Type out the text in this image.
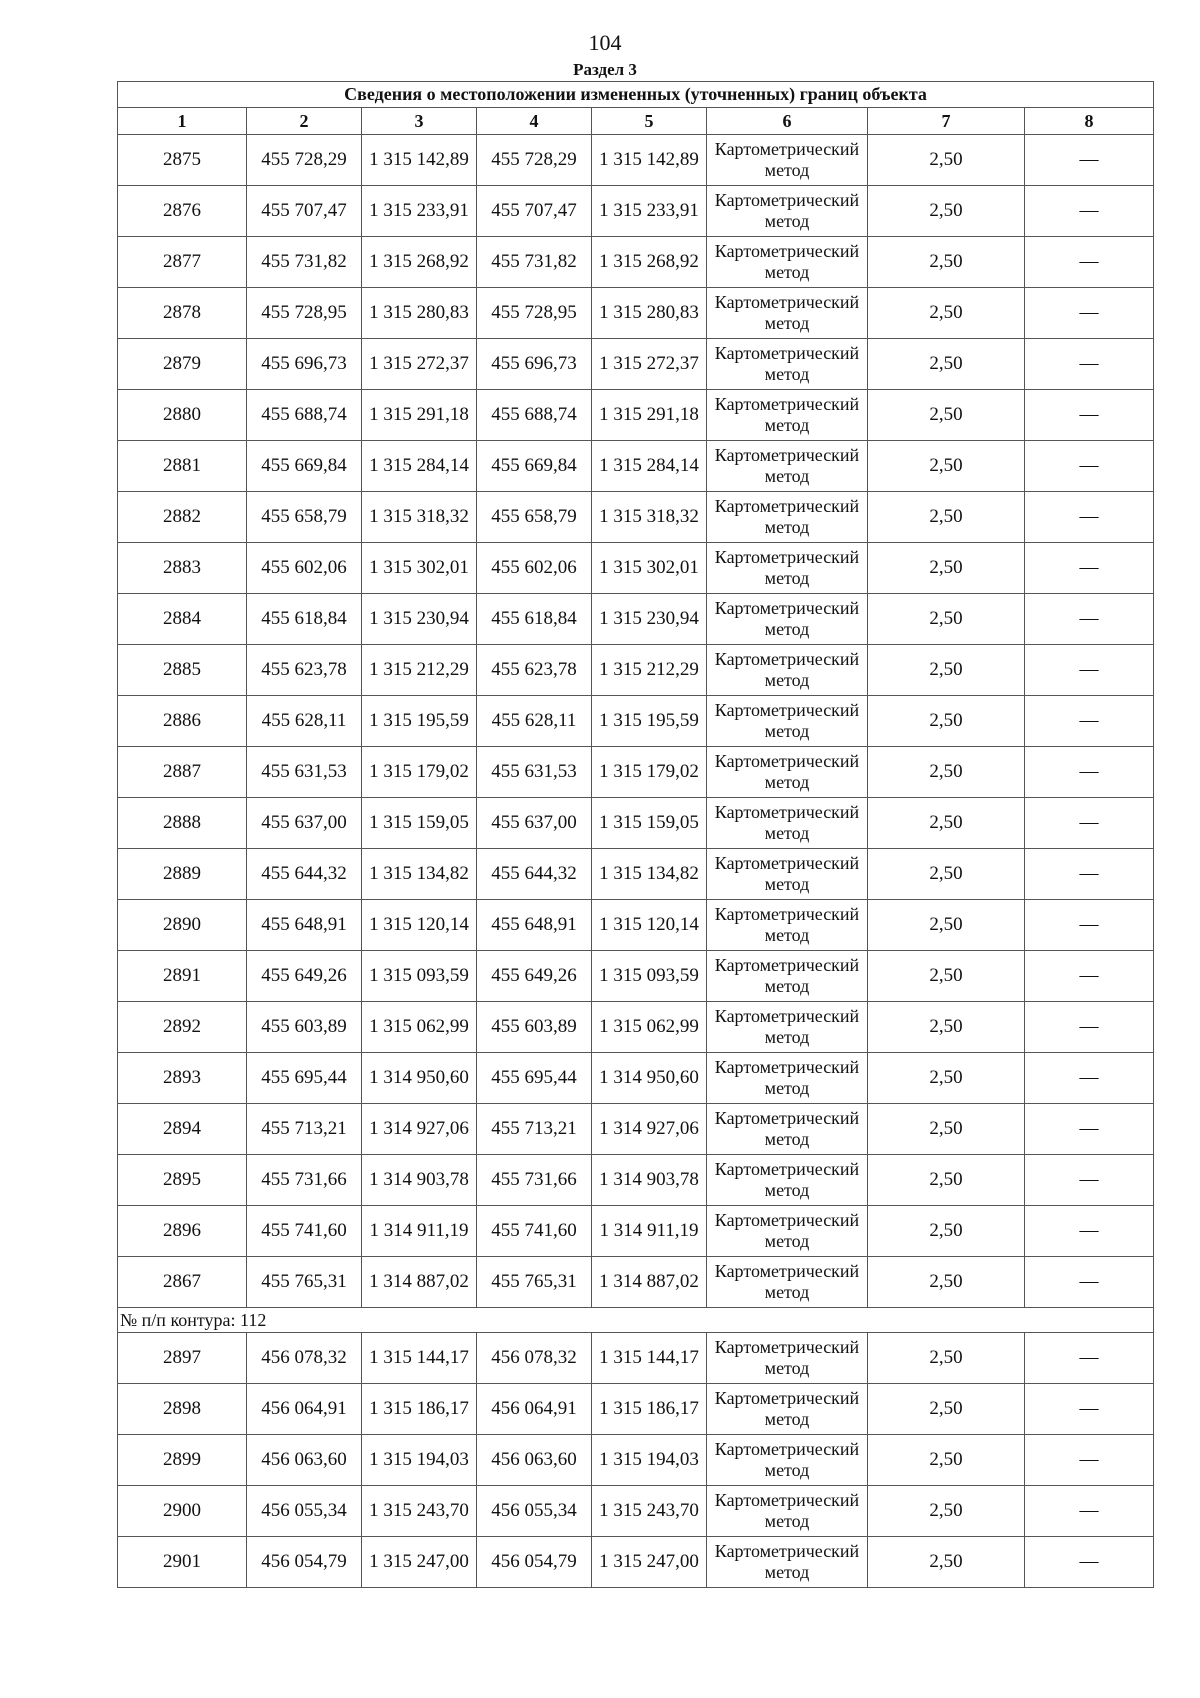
104
Раздел 3
Сведения о местоположении измененных (уточненных) границ объекта							
1	2	3	4	5	6	7	8
2875	455 728,29	1 315 142,89	455 728,29	1 315 142,89	Картометрический метод	2,50	—
2876	455 707,47	1 315 233,91	455 707,47	1 315 233,91	Картометрический метод	2,50	—
2877	455 731,82	1 315 268,92	455 731,82	1 315 268,92	Картометрический метод	2,50	—
2878	455 728,95	1 315 280,83	455 728,95	1 315 280,83	Картометрический метод	2,50	—
2879	455 696,73	1 315 272,37	455 696,73	1 315 272,37	Картометрический метод	2,50	—
2880	455 688,74	1 315 291,18	455 688,74	1 315 291,18	Картометрический метод	2,50	—
2881	455 669,84	1 315 284,14	455 669,84	1 315 284,14	Картометрический метод	2,50	—
2882	455 658,79	1 315 318,32	455 658,79	1 315 318,32	Картометрический метод	2,50	—
2883	455 602,06	1 315 302,01	455 602,06	1 315 302,01	Картометрический метод	2,50	—
2884	455 618,84	1 315 230,94	455 618,84	1 315 230,94	Картометрический метод	2,50	—
2885	455 623,78	1 315 212,29	455 623,78	1 315 212,29	Картометрический метод	2,50	—
2886	455 628,11	1 315 195,59	455 628,11	1 315 195,59	Картометрический метод	2,50	—
2887	455 631,53	1 315 179,02	455 631,53	1 315 179,02	Картометрический метод	2,50	—
2888	455 637,00	1 315 159,05	455 637,00	1 315 159,05	Картометрический метод	2,50	—
2889	455 644,32	1 315 134,82	455 644,32	1 315 134,82	Картометрический метод	2,50	—
2890	455 648,91	1 315 120,14	455 648,91	1 315 120,14	Картометрический метод	2,50	—
2891	455 649,26	1 315 093,59	455 649,26	1 315 093,59	Картометрический метод	2,50	—
2892	455 603,89	1 315 062,99	455 603,89	1 315 062,99	Картометрический метод	2,50	—
2893	455 695,44	1 314 950,60	455 695,44	1 314 950,60	Картометрический метод	2,50	—
2894	455 713,21	1 314 927,06	455 713,21	1 314 927,06	Картометрический метод	2,50	—
2895	455 731,66	1 314 903,78	455 731,66	1 314 903,78	Картометрический метод	2,50	—
2896	455 741,60	1 314 911,19	455 741,60	1 314 911,19	Картометрический метод	2,50	—
2867	455 765,31	1 314 887,02	455 765,31	1 314 887,02	Картометрический метод	2,50	—
№ п/п контура: 112							
2897	456 078,32	1 315 144,17	456 078,32	1 315 144,17	Картометрический метод	2,50	—
2898	456 064,91	1 315 186,17	456 064,91	1 315 186,17	Картометрический метод	2,50	—
2899	456 063,60	1 315 194,03	456 063,60	1 315 194,03	Картометрический метод	2,50	—
2900	456 055,34	1 315 243,70	456 055,34	1 315 243,70	Картометрический метод	2,50	—
2901	456 054,79	1 315 247,00	456 054,79	1 315 247,00	Картометрический метод	2,50	—
